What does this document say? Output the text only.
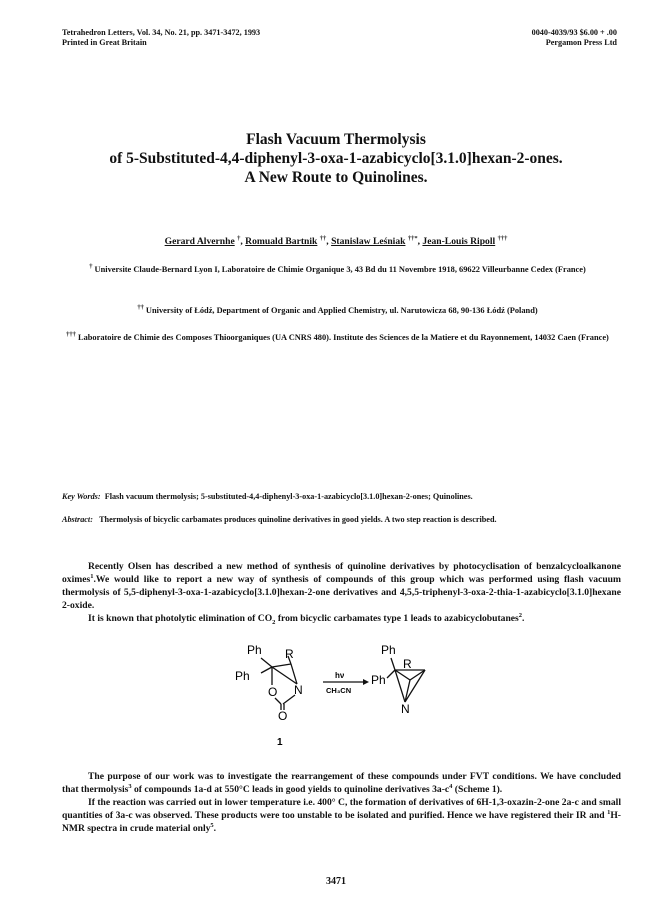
Tetrahedron Letters, Vol. 34, No. 21, pp. 3471-3472, 1993
Printed in Great Britain
0040-4039/93 $6.00 + .00
Pergamon Press Ltd
Flash Vacuum Thermolysis
of 5-Substituted-4,4-diphenyl-3-oxa-1-azabicyclo[3.1.0]hexan-2-ones.
A New Route to Quinolines.
Gerard Alvernhe †, Romuald Bartnik ††, Stanislaw Leśniak ††*, Jean-Louis Ripoll †††
† Universite Claude-Bernard Lyon I, Laboratoire de Chimie Organique 3, 43 Bd du 11 Novembre 1918, 69622 Villeurbanne Cedex (France)
†† University of Łódź, Department of Organic and Applied Chemistry, ul. Narutowicza 68, 90-136 Łódź (Poland)
††† Laboratoire de Chimie des Composes Thioorganiques (UA CNRS 480). Institute des Sciences de la Matiere et du Rayonnement, 14032 Caen (France)
Key Words: Flash vacuum thermolysis; 5-substituted-4,4-diphenyl-3-oxa-1-azabicyclo[3.1.0]hexan-2-ones; Quinolines.
Abstract: Thermolysis of bicyclic carbamates produces quinoline derivatives in good yields. A two step reaction is described.

Recently Olsen has described a new method of synthesis of quinoline derivatives by photocyclisation of benzalcycloalkanone oximes$^1$.We would like to report a new way of synthesis of compounds of this group which was performed using flash vacuum thermolysis of 5,5-diphenyl-3-oxa-1-azabicyclo[3.1.0]hexan-2-one derivatives and 4,5,5-triphenyl-3-oxa-2-thia-1-azabicyclo[3.1.0]hexane 2-oxide.

It is known that photolytic elimination of $CO_2$ from bicyclic carbamates type 1 leads to azabicyclobutanes$^2$.

Ph R
Ph
O N
O
1
hν
CH₃CN
Ph
R
Ph
N

The purpose of our work was to investigate the rearrangement of these compounds under FVT conditions. We have concluded that thermolysis$^3$ of compounds 1a-d at 550°C leads in good yields to quinoline derivatives $3a-c^4$ (Scheme 1).

If the reaction was carried out in lower temperature i.e. 400° C, the formation of derivatives of 6H-1,3-oxazin-2-one 2a-c and small quantities of 3a-c was observed. These products were too unstable to be isolated and purified. Hence we have registered their IR and $^1$H-NMR spectra in crude material only$^5$.

3471
